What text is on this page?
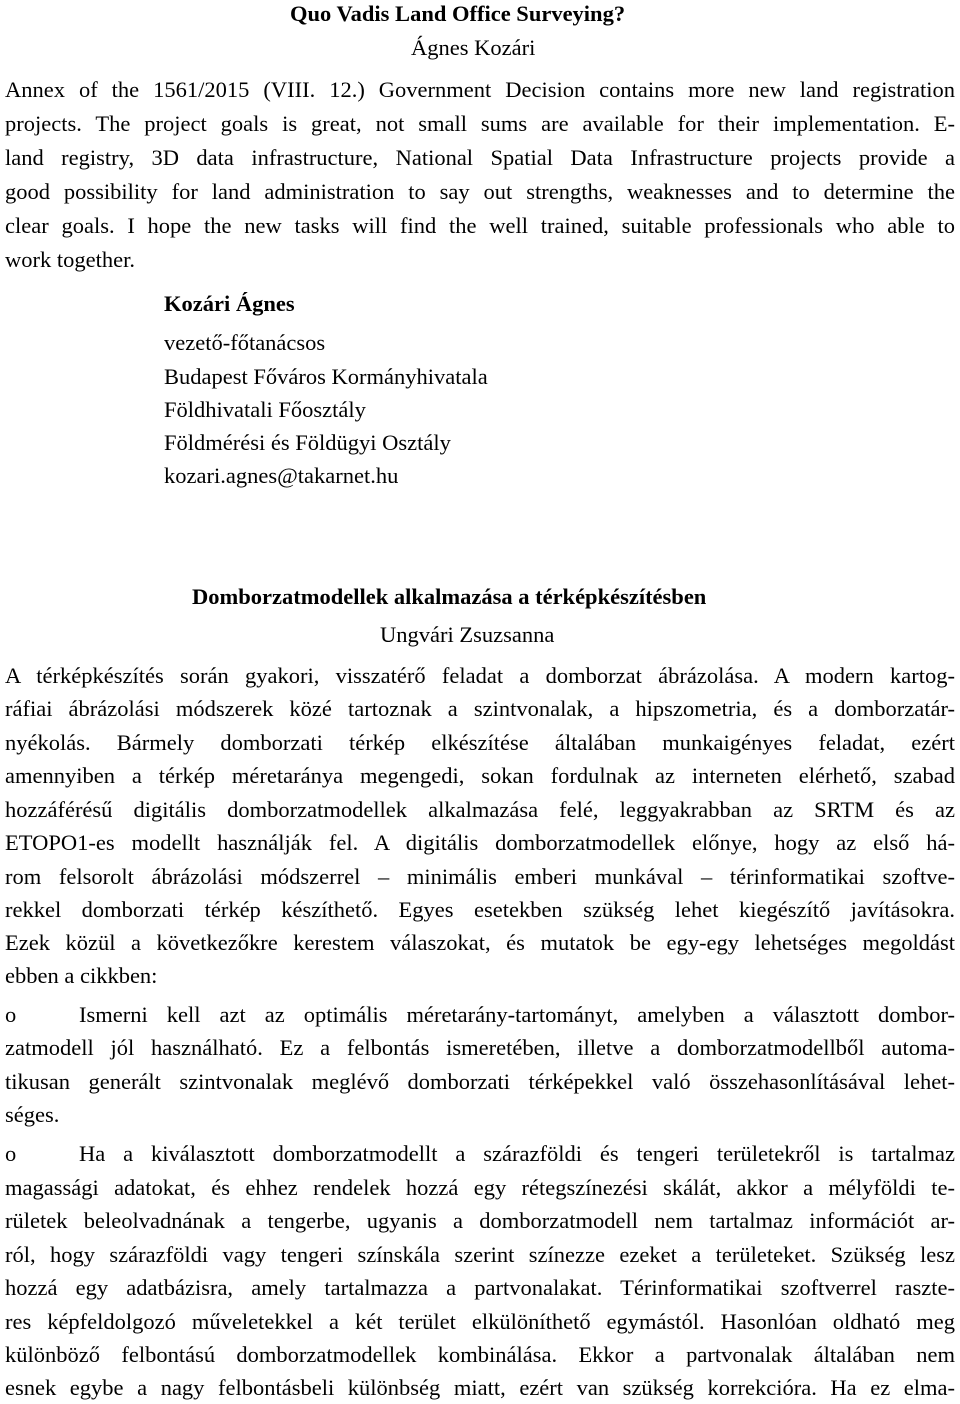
Quo Vadis Land Office Surveying?
Ágnes Kozári
Annex of the 1561/2015 (VIII. 12.) Government Decision contains more new land registration
projects. The project goals is great, not small sums are available for their implementation. E-
land registry, 3D data infrastructure, National Spatial Data Infrastructure projects provide a
good possibility for land administration to say out strengths, weaknesses and to determine the
clear goals. I hope the new tasks will find the well trained, suitable professionals who able to
work together.
Kozári Ágnes
vezető-főtanácsos
Budapest Főváros Kormányhivatala
Földhivatali Főosztály
Földmérési és Földügyi Osztály
kozari.agnes@takarnet.hu
Domborzatmodellek alkalmazása a térképkészítésben
Ungvári Zsuzsanna
A térképkészítés során gyakori, visszatérő feladat a domborzat ábrázolása. A modern kartog-
ráfiai ábrázolási módszerek közé tartoznak a szintvonalak, a hipszometria, és a domborzatár-
nyékolás. Bármely domborzati térkép elkészítése általában munkaigényes feladat, ezért
amennyiben a térkép méretaránya megengedi, sokan fordulnak az interneten elérhető, szabad
hozzáférésű digitális domborzatmodellek alkalmazása felé, leggyakrabban az SRTM és az
ETOPO1-es modellt használják fel. A digitális domborzatmodellek előnye, hogy az első há-
rom felsorolt ábrázolási módszerrel – minimális emberi munkával – térinformatikai szoftve-
rekkel domborzati térkép készíthető. Egyes esetekben szükség lehet kiegészítő javításokra.
Ezek közül a következőkre kerestem válaszokat, és mutatok be egy-egy lehetséges megoldást
ebben a cikkben:
o	Ismerni kell azt az optimális méretarány-tartományt, amelyben a választott dombor-
zatmodell jól használható. Ez a felbontás ismeretében, illetve a domborzatmodellből automa-
tikusan generált szintvonalak meglévő domborzati térképekkel való összehasonlításával lehet-
séges.
o	Ha a kiválasztott domborzatmodellt a szárazföldi és tengeri területekről is tartalmaz
magassági adatokat, és ehhez rendelek hozzá egy rétegszínezési skálát, akkor a mélyföldi te-
rületek beleolvadnának a tengerbe, ugyanis a domborzatmodell nem tartalmaz információt ar-
ról, hogy szárazföldi vagy tengeri színskála szerint színezze ezeket a területeket. Szükség lesz
hozzá egy adatbázisra, amely tartalmazza a partvonalakat. Térinformatikai szoftverrel raszte-
res képfeldolgozó műveletekkel a két terület elkülöníthető egymástól. Hasonlóan oldható meg
különböző felbontású domborzatmodellek kombinálása. Ekkor a partvonalak általában nem
esnek egybe a nagy felbontásbeli különbség miatt, ezért van szükség korrekcióra. Ha ez elma-
